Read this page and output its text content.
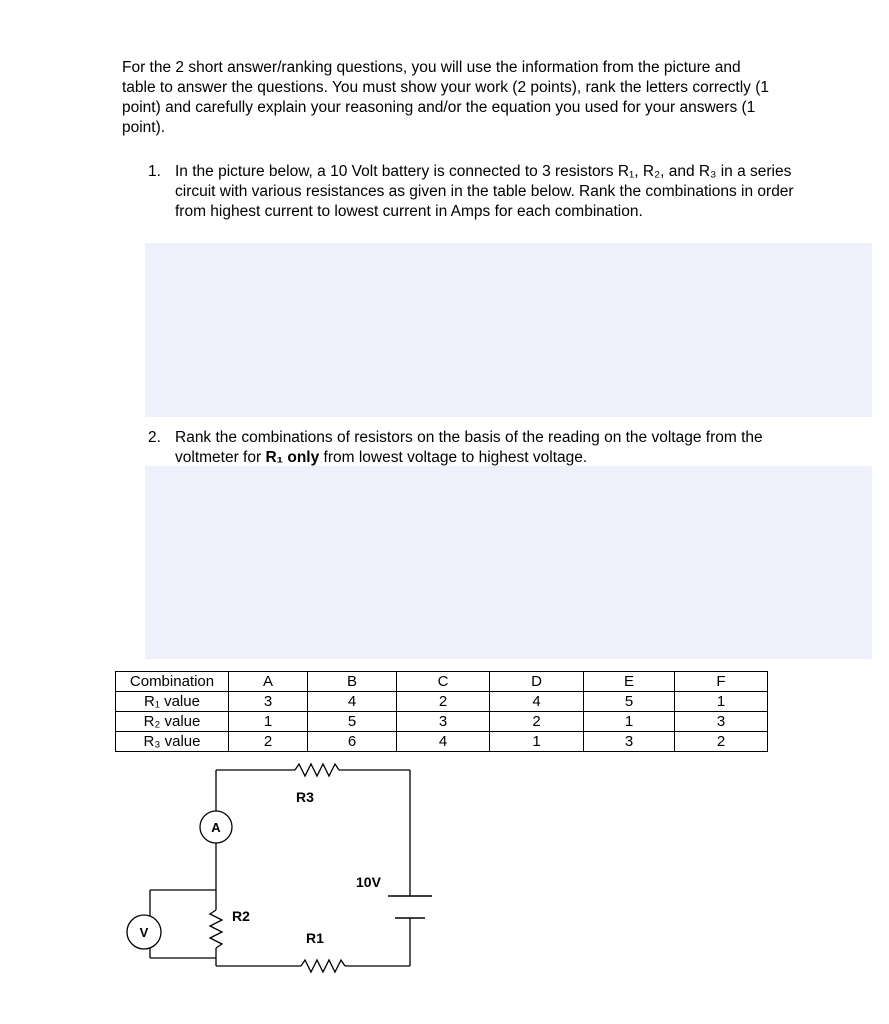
For the 2 short answer/ranking questions, you will use the information from the picture and table to answer the questions. You must show your work (2 points), rank the letters correctly (1 point) and carefully explain your reasoning and/or the equation you used for your answers (1 point).
1. In the picture below, a 10 Volt battery is connected to 3 resistors R₁, R₂, and R₃ in a series circuit with various resistances as given in the table below. Rank the combinations in order from highest current to lowest current in Amps for each combination.
2. Rank the combinations of resistors on the basis of the reading on the voltage from the voltmeter for R₁ only from lowest voltage to highest voltage.
Combination	A	B	C	D	E	F
R₁ value	3	4	2	4	5	1
R₂ value	1	5	3	2	1	3
R₃ value	2	6	4	1	3	2
A
V
R3
R2
R1
10V
